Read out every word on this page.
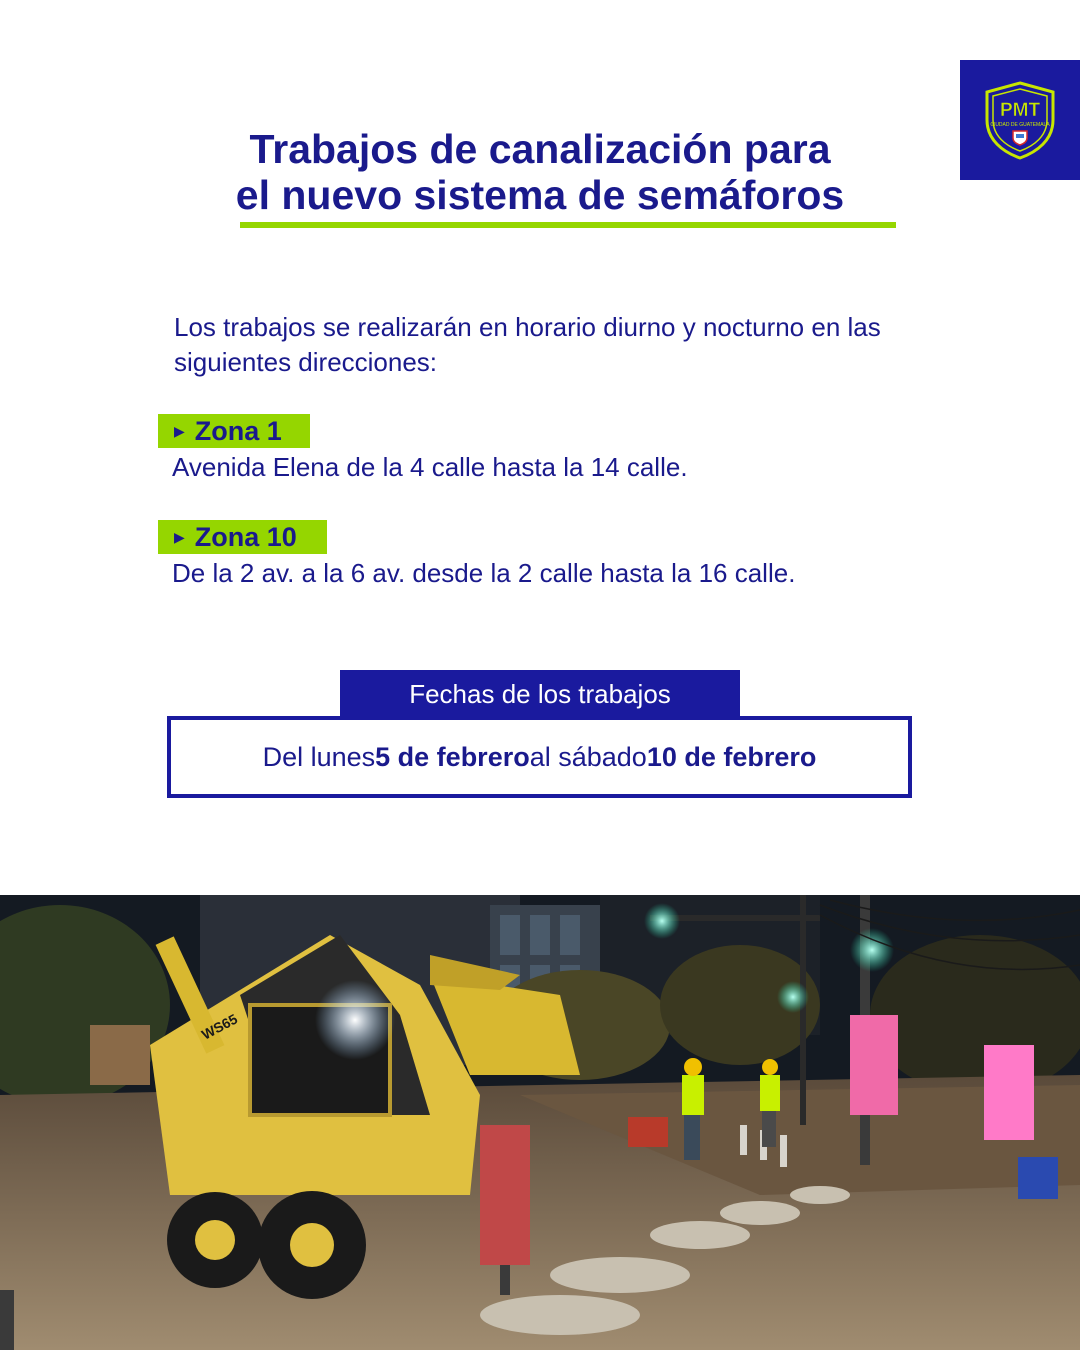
PMT
CIUDAD DE GUATEMALA
Trabajos de canalización para
el nuevo sistema de semáforos

Los trabajos se realizarán en horario diurno y nocturno en las siguientes direcciones:

▶ Zona 1

Avenida Elena de la 4 calle hasta la 14 calle.

▶ Zona 10

De la 2 av. a la 6 av. desde la 2 calle hasta la 16 calle.

Del lunes 5 de febrero al sábado 10 de febrero
Fechas de los trabajos
WS65
